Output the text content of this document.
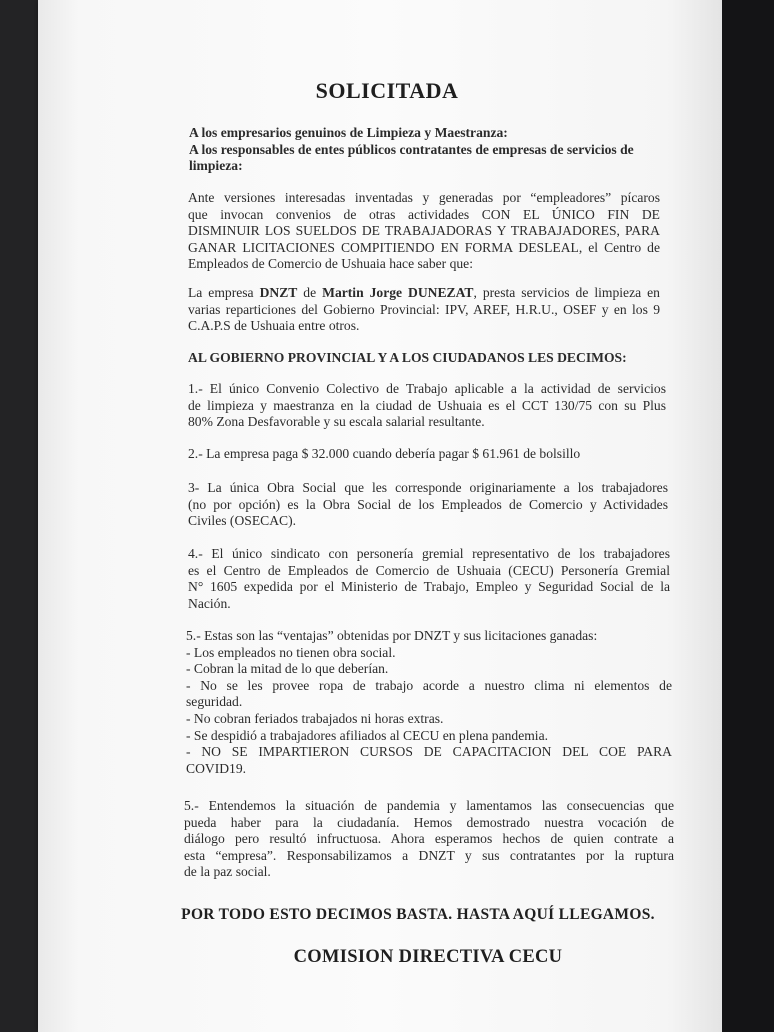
SOLICITADA
A los empresarios genuinos de Limpieza y Maestranza:
A los responsables de entes públicos contratantes de empresas de servicios de
limpieza:
Ante versiones interesadas inventadas y generadas por “empleadores” pícaros
que invocan convenios de otras actividades CON EL ÚNICO FIN DE
DISMINUIR LOS SUELDOS DE TRABAJADORAS Y TRABAJADORES, PARA
GANAR LICITACIONES COMPITIENDO EN FORMA DESLEAL, el Centro de
Empleados de Comercio de Ushuaia hace saber que:
La empresa DNZT de Martin Jorge DUNEZAT, presta servicios de limpieza en
varias reparticiones del Gobierno Provincial: IPV, AREF, H.R.U., OSEF y en los 9
C.A.P.S de Ushuaia entre otros.
AL GOBIERNO PROVINCIAL Y A LOS CIUDADANOS LES DECIMOS:
1.- El único Convenio Colectivo de Trabajo aplicable a la actividad de servicios
de limpieza y maestranza en la ciudad de Ushuaia es el CCT 130/75 con su Plus
80% Zona Desfavorable y su escala salarial resultante.
2.- La empresa paga $ 32.000 cuando debería pagar $ 61.961 de bolsillo
3- La única Obra Social que les corresponde originariamente a los trabajadores
(no por opción) es la Obra Social de los Empleados de Comercio y Actividades
Civiles (OSECAC).
4.- El único sindicato con personería gremial representativo de los trabajadores
es el Centro de Empleados de Comercio de Ushuaia (CECU) Personería Gremial
N° 1605 expedida por el Ministerio de Trabajo, Empleo y Seguridad Social de la
Nación.
5.- Estas son las “ventajas” obtenidas por DNZT y sus licitaciones ganadas:
- Los empleados no tienen obra social.
- Cobran la mitad de lo que deberían.
- No se les provee ropa de trabajo acorde a nuestro clima ni elementos de
seguridad.
- No cobran feriados trabajados ni horas extras.
- Se despidió a trabajadores afiliados al CECU en plena pandemia.
- NO SE IMPARTIERON CURSOS DE CAPACITACION DEL COE PARA
COVID19.
5.- Entendemos la situación de pandemia y lamentamos las consecuencias que
pueda haber para la ciudadanía. Hemos demostrado nuestra vocación de
diálogo pero resultó infructuosa. Ahora esperamos hechos de quien contrate a
esta “empresa”. Responsabilizamos a DNZT y sus contratantes por la ruptura
de la paz social.
POR TODO ESTO DECIMOS BASTA. HASTA AQUÍ LLEGAMOS.
COMISION DIRECTIVA CECU
